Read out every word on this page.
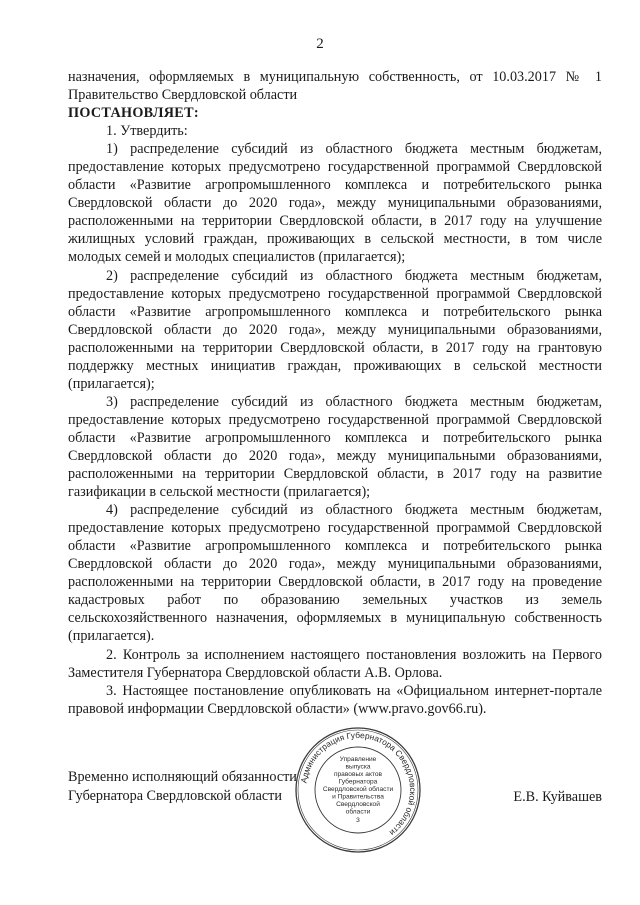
2

назначения, оформляемых в муниципальную собственность, от 10.03.2017 № 1 Правительство Свердловской области

ПОСТАНОВЛЯЕТ:

1. Утвердить:

1) распределение субсидий из областного бюджета местным бюджетам, предоставление которых предусмотрено государственной программой Свердловской области «Развитие агропромышленного комплекса и потребительского рынка Свердловской области до 2020 года», между муниципальными образованиями, расположенными на территории Свердловской области, в 2017 году на улучшение жилищных условий граждан, проживающих в сельской местности, в том числе молодых семей и молодых специалистов (прилагается);

2) распределение субсидий из областного бюджета местным бюджетам, предоставление которых предусмотрено государственной программой Свердловской области «Развитие агропромышленного комплекса и потребительского рынка Свердловской области до 2020 года», между муниципальными образованиями, расположенными на территории Свердловской области, в 2017 году на грантовую поддержку местных инициатив граждан, проживающих в сельской местности (прилагается);

3) распределение субсидий из областного бюджета местным бюджетам, предоставление которых предусмотрено государственной программой Свердловской области «Развитие агропромышленного комплекса и потребительского рынка Свердловской области до 2020 года», между муниципальными образованиями, расположенными на территории Свердловской области, в 2017 году на развитие газификации в сельской местности (прилагается);

4) распределение субсидий из областного бюджета местным бюджетам, предоставление которых предусмотрено государственной программой Свердловской области «Развитие агропромышленного комплекса и потребительского рынка Свердловской области до 2020 года», между муниципальными образованиями, расположенными на территории Свердловской области, в 2017 году на проведение кадастровых работ по образованию земельных участков из земель сельскохозяйственного назначения, оформляемых в муниципальную собственность (прилагается).

2. Контроль за исполнением настоящего постановления возложить на Первого Заместителя Губернатора Свердловской области А.В. Орлова.

3. Настоящее постановление опубликовать на «Официальном интернет-портале правовой информации Свердловской области» (www.pravo.gov66.ru).

Временно исполняющий обязанности
Губернатора Свердловской области
Администрация Губернатора Свердловской области
Управление
выпуска
правовых актов
Губернатора
Свердловской области
и Правительства
Свердловской
области
3
Е.В. Куйвашев
